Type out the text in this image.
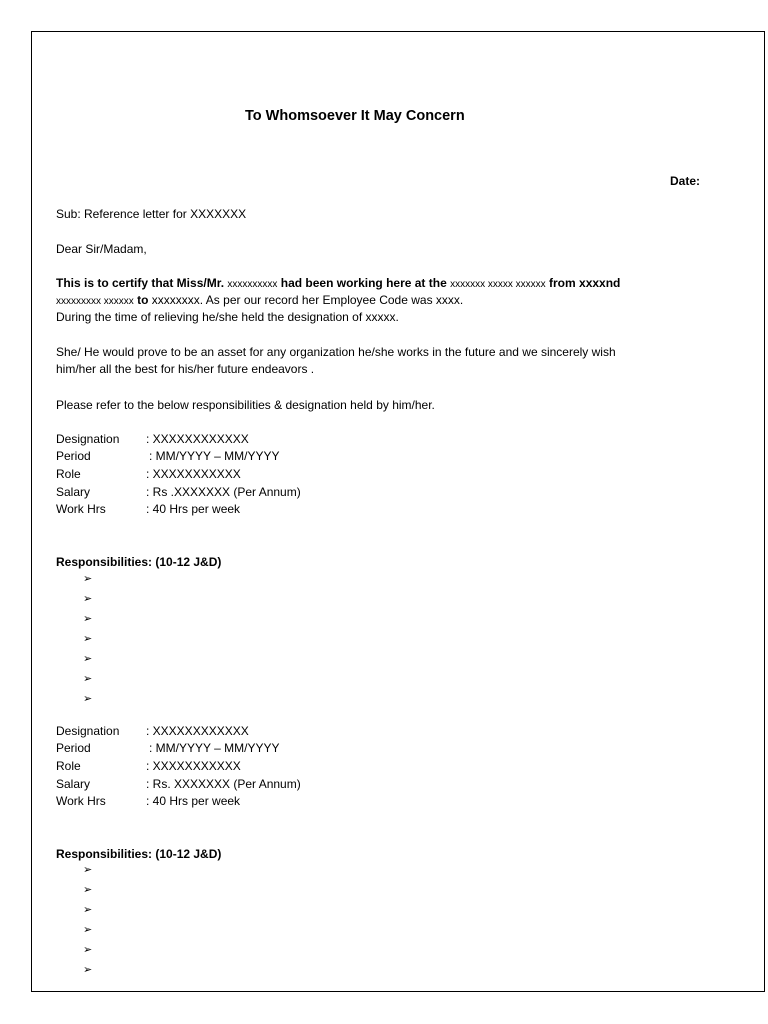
To Whomsoever It May Concern
Date:
Sub: Reference letter for XXXXXXX
Dear Sir/Madam,
This is to certify that Miss/Mr. xxxxxxxxxx had been working here at the xxxxxxx xxxxx xxxxxx from xxxxnd
xxxxxxxxx xxxxxx to xxxxxxxx. As per our record her Employee Code was xxxx.
During the time of relieving he/she held the designation of xxxxx.
She/ He would prove to be an asset for any organization he/she works in the future and we sincerely wish
him/her all the best for his/her future endeavors .
Please refer to the below responsibilities & designation held by him/her.
Designation : XXXXXXXXXXXX
Period	: MM/YYYY – MM/YYYY
Role	: XXXXXXXXXXX
Salary	: Rs .XXXXXXX (Per Annum)
Work Hrs	: 40 Hrs per week
Responsibilities: (10-12 J&D)
➢
➢
➢
➢
➢
➢
➢
Designation : XXXXXXXXXXXX
Period	: MM/YYYY – MM/YYYY
Role	: XXXXXXXXXXX
Salary	: Rs. XXXXXXX (Per Annum)
Work Hrs	: 40 Hrs per week
Responsibilities: (10-12 J&D)
➢
➢
➢
➢
➢
➢
